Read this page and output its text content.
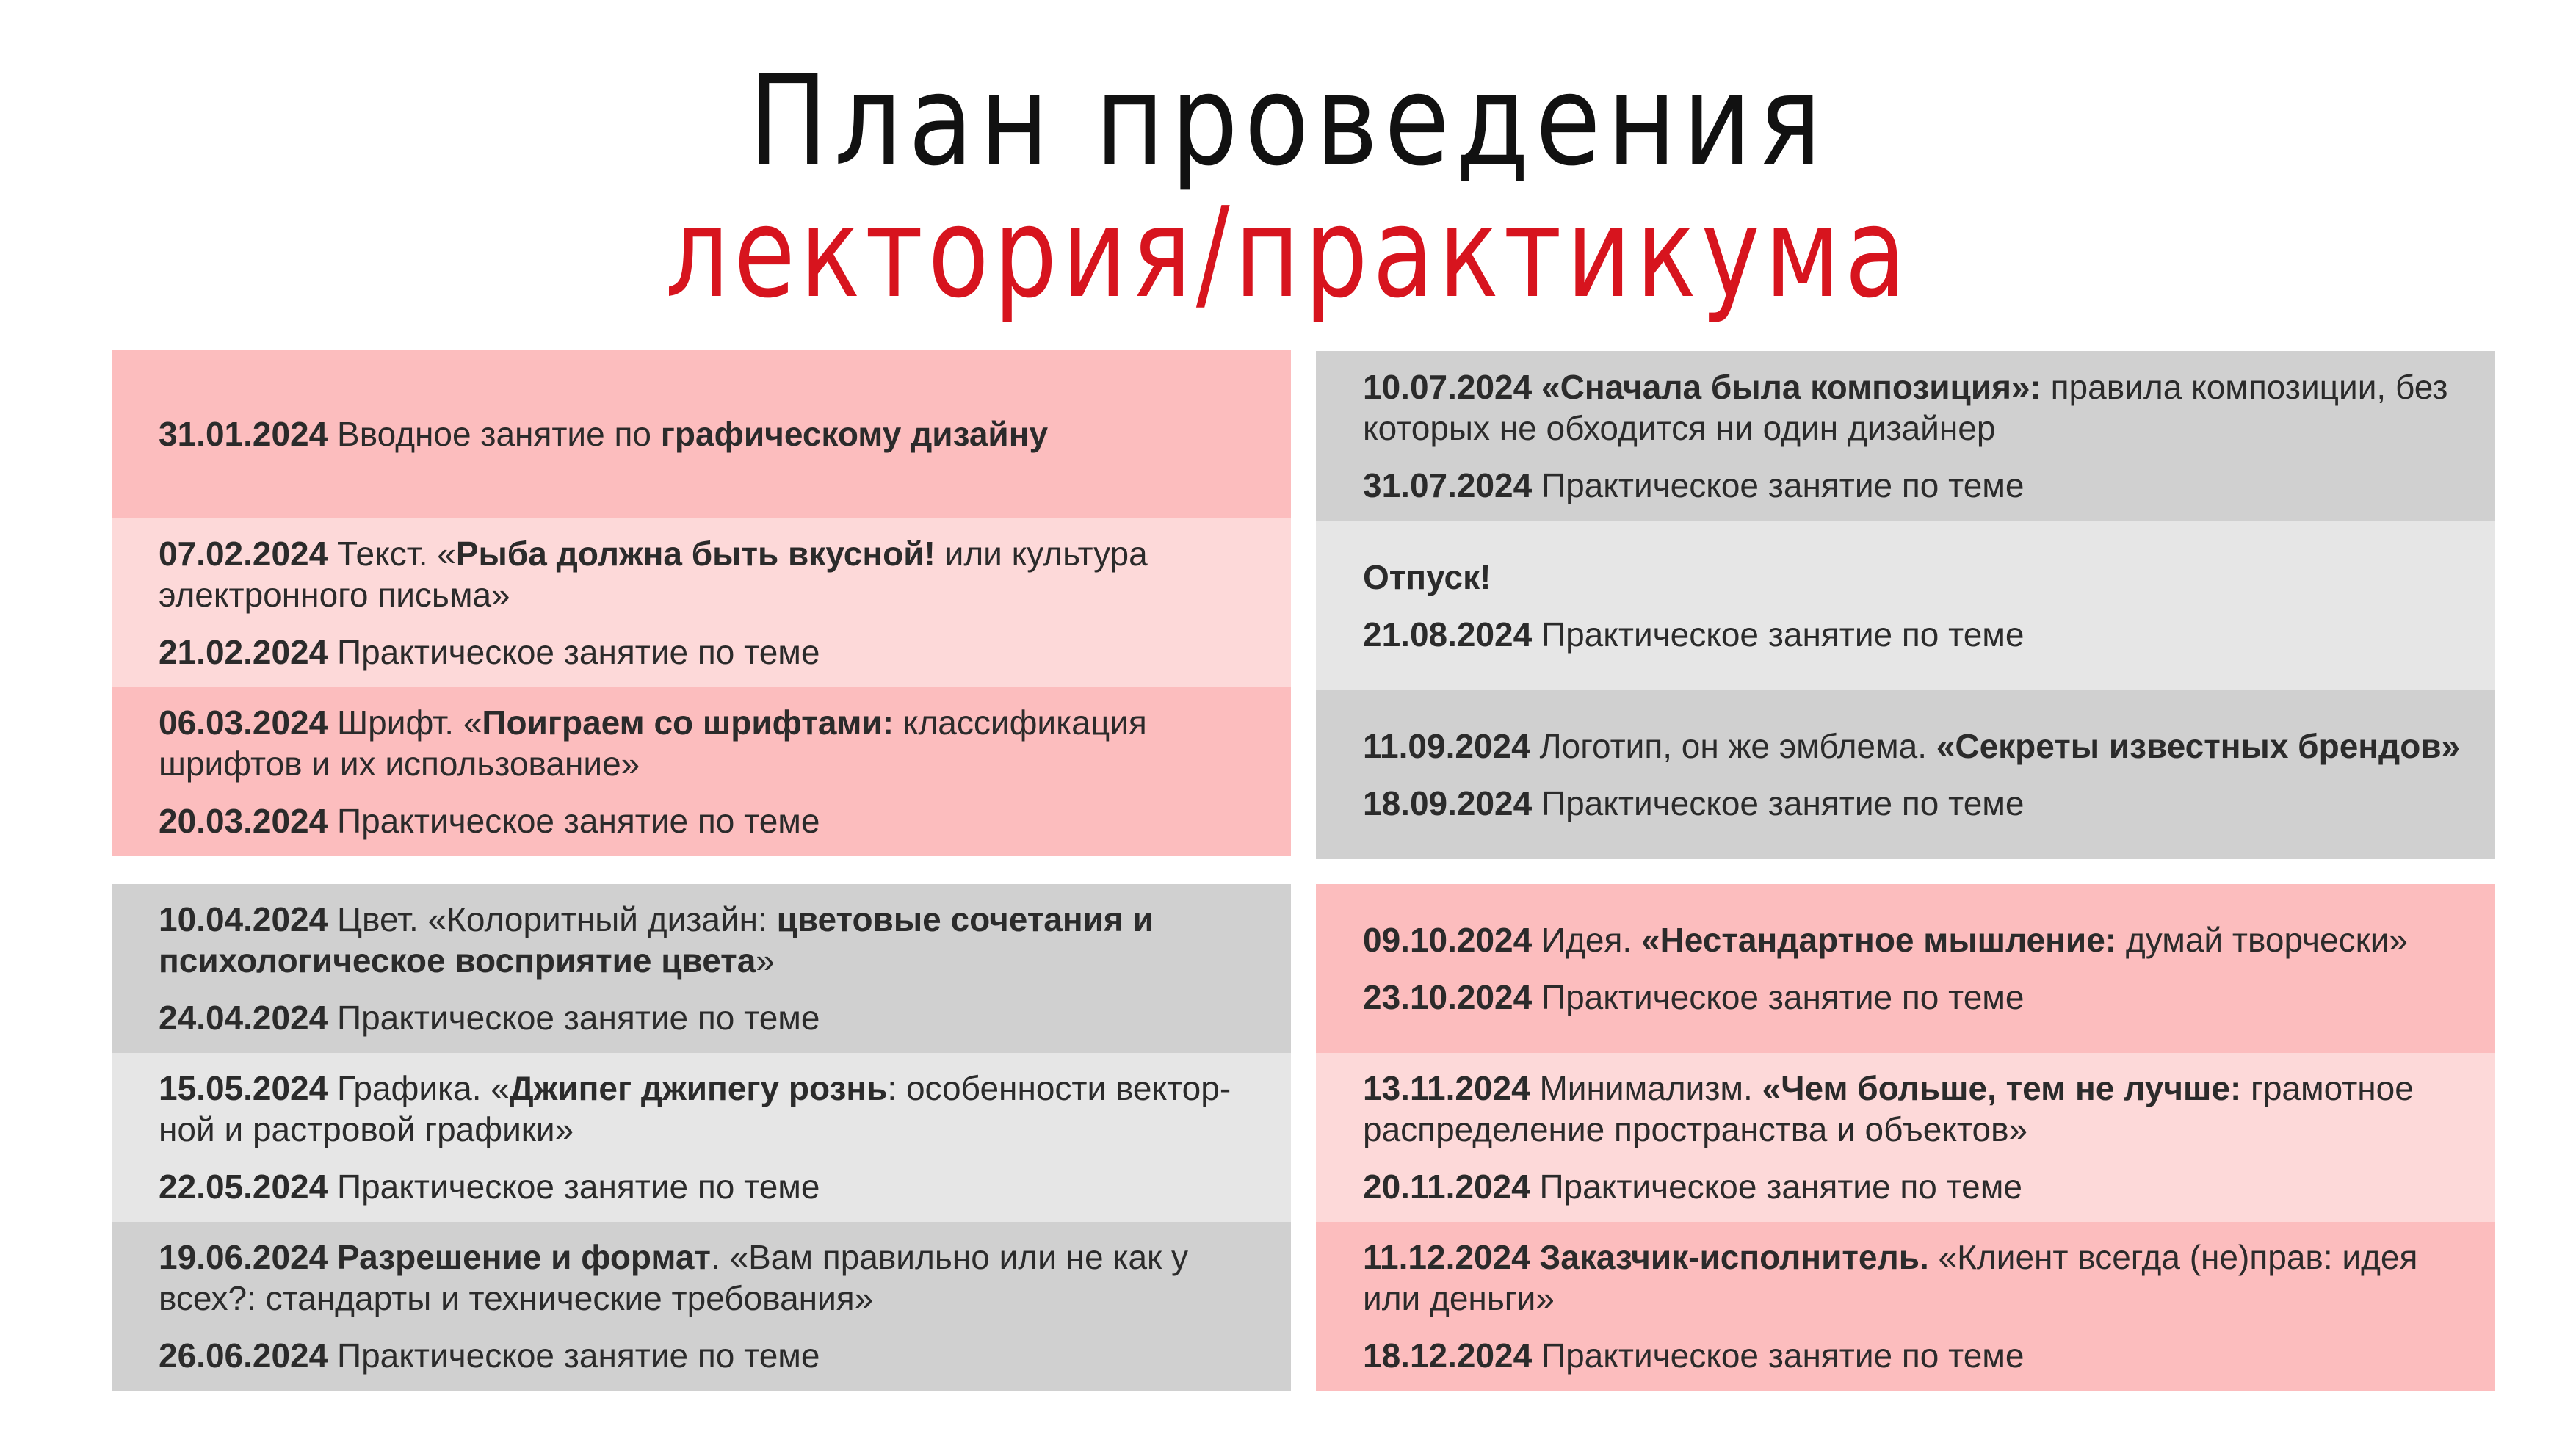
План проведения
лектория/практикума

31.01.2024 Вводное занятие по графическому дизайну

07.02.2024 Текст. «Рыба должна быть вкусной! или культура электронного письма»

21.02.2024 Практическое занятие по теме

06.03.2024 Шрифт. «Поиграем со шрифтами: классификация шрифтов и их использование»

20.03.2024 Практическое занятие по теме

10.04.2024 Цвет. «Колоритный дизайн: цветовые сочетания и психологическое восприятие цвета»

24.04.2024 Практическое занятие по теме

15.05.2024 Графика. «Джипег джипегу рознь: особенности вектор-ной и растровой графики»

22.05.2024 Практическое занятие по теме

19.06.2024 Разрешение и формат. «Вам правильно или не как у всех?: стандарты и технические требования»

26.06.2024 Практическое занятие по теме

10.07.2024 «Сначала была композиция»: правила композиции, без которых не обходится ни один дизайнер

31.07.2024 Практическое занятие по теме

Отпуск!

21.08.2024 Практическое занятие по теме

11.09.2024 Логотип, он же эмблема. «Секреты известных брендов»

18.09.2024 Практическое занятие по теме

09.10.2024 Идея. «Нестандартное мышление: думай творчески»

23.10.2024 Практическое занятие по теме

13.11.2024 Минимализм. «Чем больше, тем не лучше: грамотное распределение пространства и объектов»

20.11.2024 Практическое занятие по теме

11.12.2024 Заказчик-исполнитель. «Клиент всегда (не)прав: идея или деньги»

18.12.2024 Практическое занятие по теме
